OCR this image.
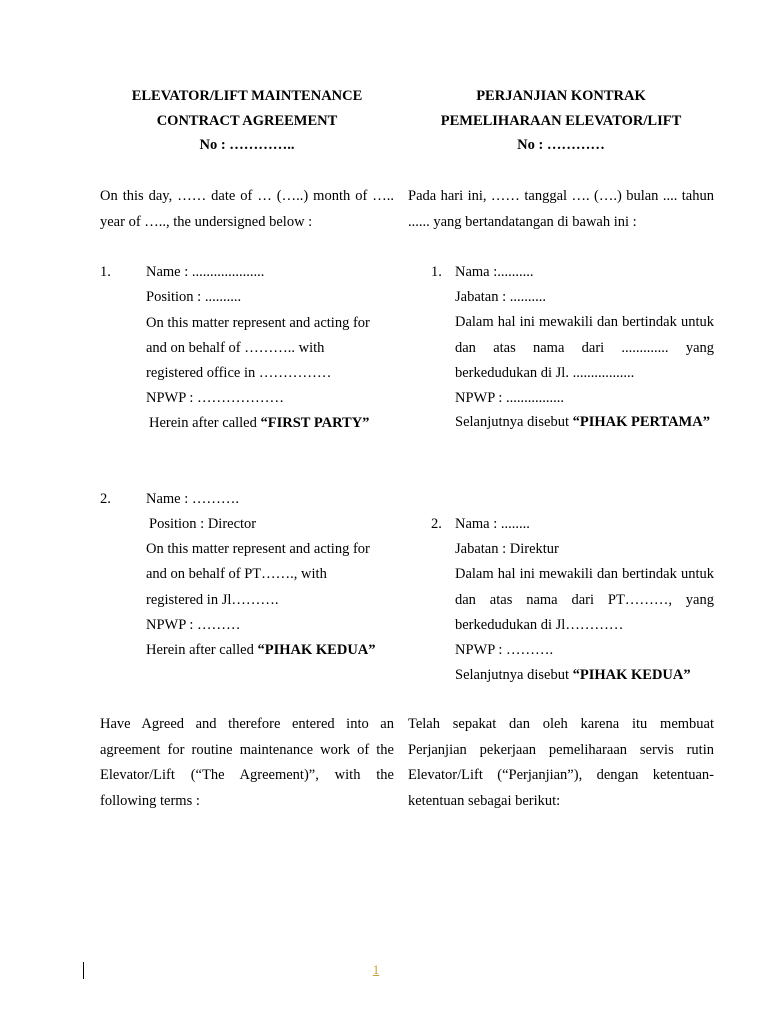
ELEVATOR/LIFT MAINTENANCE
CONTRACT AGREEMENT
No : …………..
PERJANJIAN KONTRAK
PEMELIHARAAN ELEVATOR/LIFT
No : …………
On this day, …… date of … (…..) month of ….. year of ….., the undersigned below :
Pada hari ini, …… tanggal …. (….) bulan .... tahun ...... yang bertandatangan di bawah ini :
1. Name : ....................
Position : ..........
On this matter represent and acting for
and on behalf of ……….. with
registered office in ……………
NPWP : ………………
Herein after called “FIRST PARTY”
1. Nama :..........
Jabatan : ..........
Dalam hal ini mewakili dan bertindak untuk dan atas nama dari ............. yang berkedudukan di Jl. .................
NPWP : ................
Selanjutnya disebut “PIHAK PERTAMA”
2. Name : ……….
Position : Director
On this matter represent and acting for
and on behalf of PT……., with
registered in Jl……….
NPWP : ………
Herein after called “PIHAK KEDUA”
2. Nama : ........
Jabatan : Direktur
Dalam hal ini mewakili dan bertindak untuk dan atas nama dari PT………, yang berkedudukan di Jl…………
NPWP : ……….
Selanjutnya disebut “PIHAK KEDUA”
Have Agreed and therefore entered into an agreement for routine maintenance work of the Elevator/Lift (“The Agreement)”, with the following terms :
Telah sepakat dan oleh karena itu membuat Perjanjian pekerjaan pemeliharaan servis rutin Elevator/Lift (“Perjanjian”), dengan ketentuan-ketentuan sebagai berikut:
1
